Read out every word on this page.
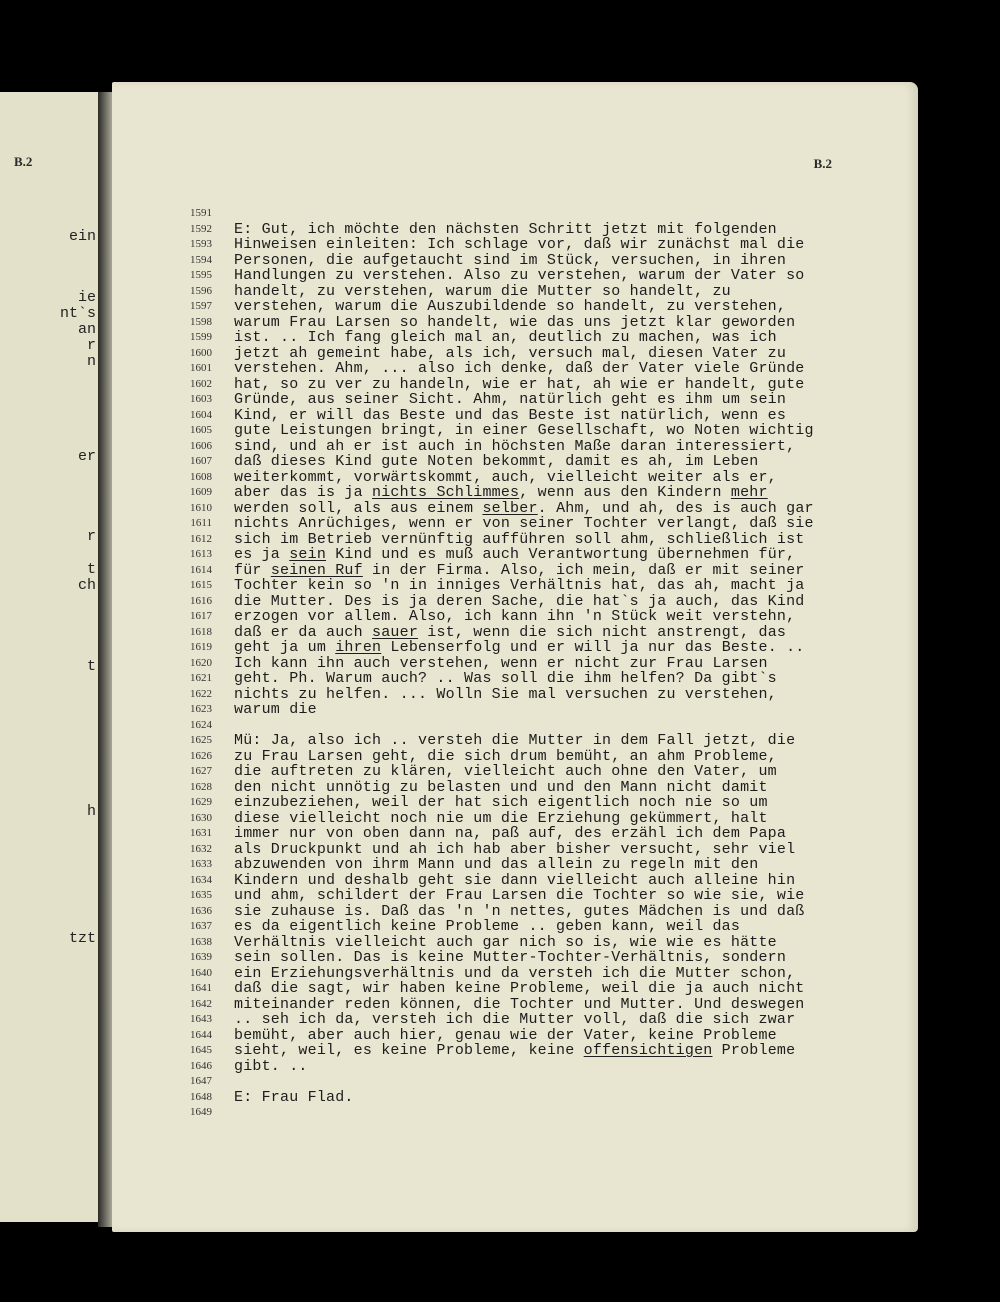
B.2
ein
ie
nt`s
an
r
n
er
r
t
ch
t
h
tzt
B.2
1591
1592 E: Gut, ich möchte den nächsten Schritt jetzt mit folgenden
1593 Hinweisen einleiten: Ich schlage vor, daß wir zunächst mal die
1594 Personen, die aufgetaucht sind im Stück, versuchen, in ihren
1595 Handlungen zu verstehen. Also zu verstehen, warum der Vater so
1596 handelt, zu verstehen, warum die Mutter so handelt, zu
1597 verstehen, warum die Auszubildende so handelt, zu verstehen,
1598 warum Frau Larsen so handelt, wie das uns jetzt klar geworden
1599 ist. .. Ich fang gleich mal an, deutlich zu machen, was ich
1600 jetzt ah gemeint habe, als ich, versuch mal, diesen Vater zu
1601 verstehen. Ahm, ... also ich denke, daß der Vater viele Gründe
1602 hat, so zu ver zu handeln, wie er hat, ah wie er handelt, gute
1603 Gründe, aus seiner Sicht. Ahm, natürlich geht es ihm um sein
1604 Kind, er will das Beste und das Beste ist natürlich, wenn es
1605 gute Leistungen bringt, in einer Gesellschaft, wo Noten wichtig
1606 sind, und ah er ist auch in höchsten Maße daran interessiert,
1607 daß dieses Kind gute Noten bekommt, damit es ah, im Leben
1608 weiterkommt, vorwärtskommt, auch, vielleicht weiter als er,
1609 aber das is ja nichts Schlimmes, wenn aus den Kindern mehr
1610 werden soll, als aus einem selber. Ahm, und ah, des is auch gar
1611 nichts Anrüchiges, wenn er von seiner Tochter verlangt, daß sie
1612 sich im Betrieb vernünftig aufführen soll ahm, schließlich ist
1613 es ja sein Kind und es muß auch Verantwortung übernehmen für,
1614 für seinen Ruf in der Firma. Also, ich mein, daß er mit seiner
1615 Tochter kein so 'n in inniges Verhältnis hat, das ah, macht ja
1616 die Mutter. Des is ja deren Sache, die hat`s ja auch, das Kind
1617 erzogen vor allem. Also, ich kann ihn 'n Stück weit verstehn,
1618 daß er da auch sauer ist, wenn die sich nicht anstrengt, das
1619 geht ja um ihren Lebenserfolg und er will ja nur das Beste. ..
1620 Ich kann ihn auch verstehen, wenn er nicht zur Frau Larsen
1621 geht. Ph. Warum auch? .. Was soll die ihm helfen? Da gibt`s
1622 nichts zu helfen. ... Wolln Sie mal versuchen zu verstehen,
1623 warum die
1624
1625 Mü: Ja, also ich .. versteh die Mutter in dem Fall jetzt, die
1626 zu Frau Larsen geht, die sich drum bemüht, an ahm Probleme,
1627 die auftreten zu klären, vielleicht auch ohne den Vater, um
1628 den nicht unnötig zu belasten und und den Mann nicht damit
1629 einzubeziehen, weil der hat sich eigentlich noch nie so um
1630 diese vielleicht noch nie um die Erziehung gekümmert, halt
1631 immer nur von oben dann na, paß auf, des erzähl ich dem Papa
1632 als Druckpunkt und ah ich hab aber bisher versucht, sehr viel
1633 abzuwenden von ihrm Mann und das allein zu regeln mit den
1634 Kindern und deshalb geht sie dann vielleicht auch alleine hin
1635 und ahm, schildert der Frau Larsen die Tochter so wie sie, wie
1636 sie zuhause is. Daß das 'n 'n nettes, gutes Mädchen is und daß
1637 es da eigentlich keine Probleme .. geben kann, weil das
1638 Verhältnis vielleicht auch gar nich so is, wie wie es hätte
1639 sein sollen. Das is keine Mutter-Tochter-Verhältnis, sondern
1640 ein Erziehungsverhältnis und da versteh ich die Mutter schon,
1641 daß die sagt, wir haben keine Probleme, weil die ja auch nicht
1642 miteinander reden können, die Tochter und Mutter. Und deswegen
1643 .. seh ich da, versteh ich die Mutter voll, daß die sich zwar
1644 bemüht, aber auch hier, genau wie der Vater, keine Probleme
1645 sieht, weil, es keine Probleme, keine offensichtigen Probleme
1646 gibt. ..
1647
1648 E: Frau Flad.
1649
